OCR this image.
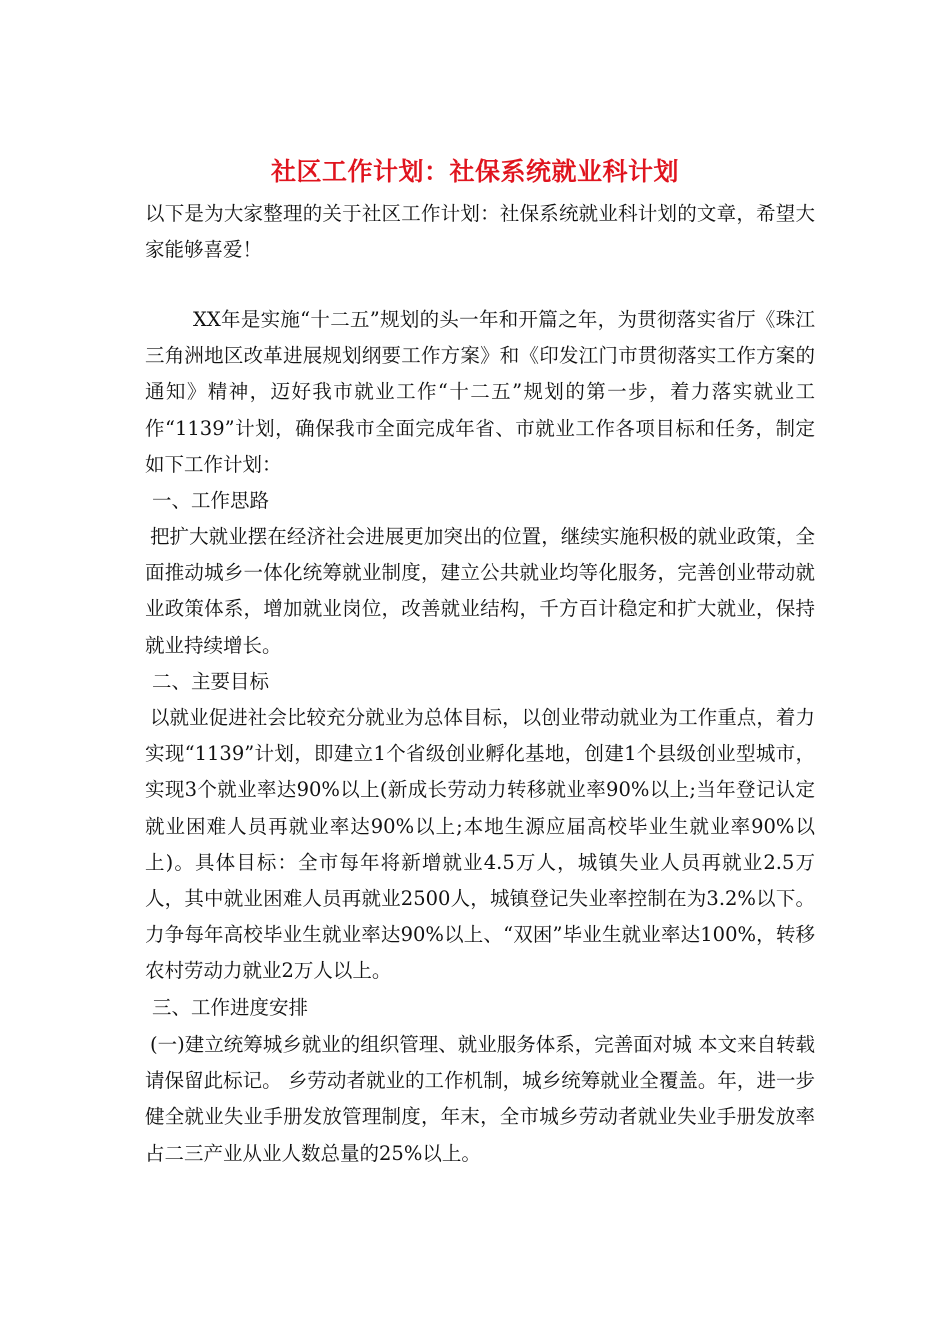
社区工作计划：社保系统就业科计划
以下是为大家整理的关于社区工作计划：社保系统就业科计划的文章，希望大家能够喜爱！
XX年是实施“十二五”规划的头一年和开篇之年，为贯彻落实省厅《珠江三角洲地区改革进展规划纲要工作方案》和《印发江门市贯彻落实工作方案的通知》精神，迈好我市就业工作“十二五”规划的第一步，着力落实就业工作“1139”计划，确保我市全面完成年省、市就业工作各项目标和任务，制定如下工作计划：
一、工作思路
把扩大就业摆在经济社会进展更加突出的位置，继续实施积极的就业政策，全面推动城乡一体化统筹就业制度，建立公共就业均等化服务，完善创业带动就业政策体系，增加就业岗位，改善就业结构，千方百计稳定和扩大就业，保持就业持续增长。
二、主要目标
以就业促进社会比较充分就业为总体目标，以创业带动就业为工作重点，着力实现“1139”计划，即建立1个省级创业孵化基地，创建1个县级创业型城市，实现3个就业率达90%以上(新成长劳动力转移就业率90%以上;当年登记认定就业困难人员再就业率达90%以上;本地生源应届高校毕业生就业率90%以上)。具体目标：全市每年将新增就业4.5万人，城镇失业人员再就业2.5万人，其中就业困难人员再就业2500人，城镇登记失业率控制在为3.2%以下。力争每年高校毕业生就业率达90%以上、“双困”毕业生就业率达100%，转移农村劳动力就业2万人以上。
三、工作进度安排
(一)建立统筹城乡就业的组织管理、就业服务体系，完善面对城 本文来自转载请保留此标记。 乡劳动者就业的工作机制，城乡统筹就业全覆盖。年，进一步健全就业失业手册发放管理制度，年末，全市城乡劳动者就业失业手册发放率占二三产业从业人数总量的25%以上。
